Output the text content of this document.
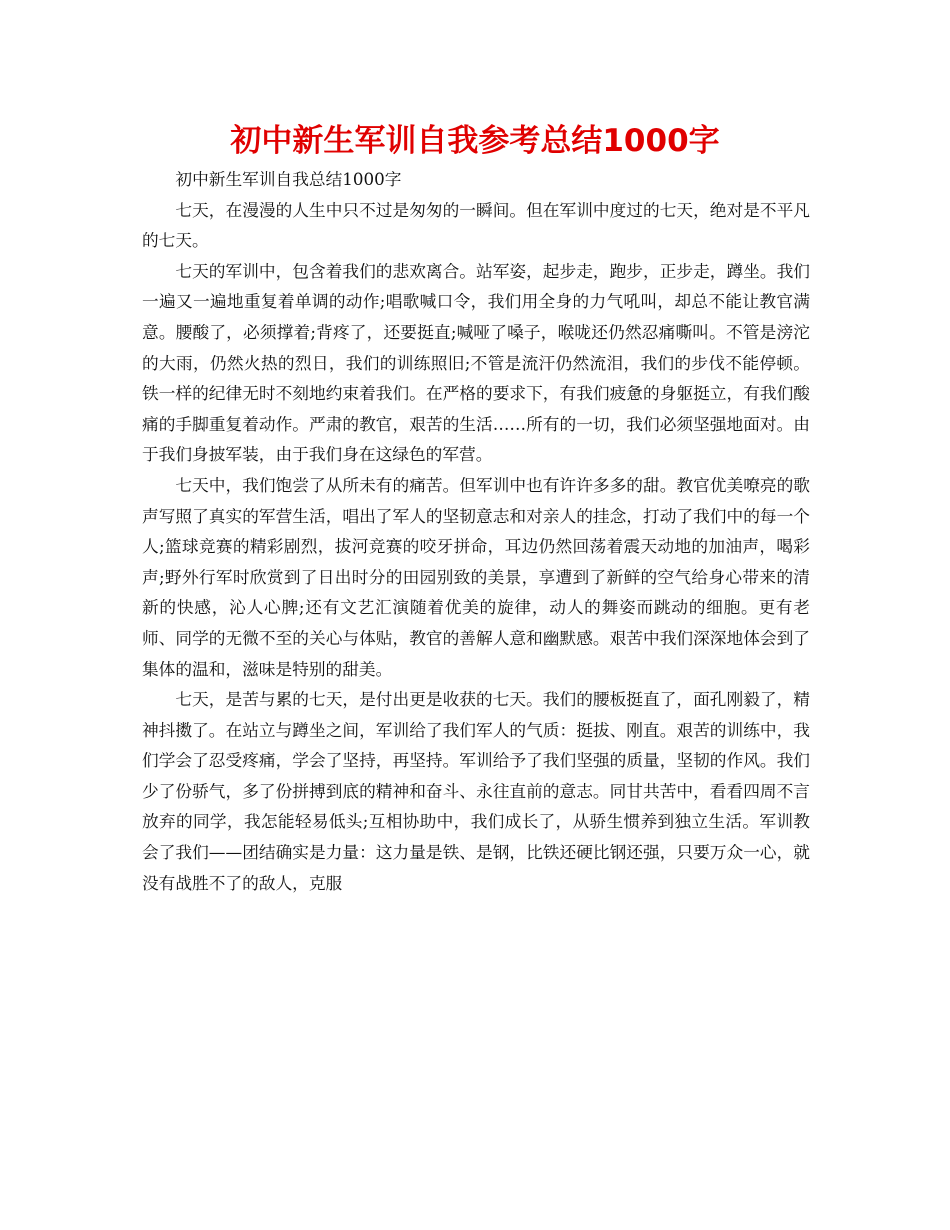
初中新生军训自我参考总结1000字

初中新生军训自我总结1000字

七天，在漫漫的人生中只不过是匆匆的一瞬间。但在军训中度过的七天，绝对是不平凡的七天。

七天的军训中，包含着我们的悲欢离合。站军姿，起步走，跑步，正步走，蹲坐。我们一遍又一遍地重复着单调的动作;唱歌喊口令，我们用全身的力气吼叫，却总不能让教官满意。腰酸了，必须撑着;背疼了，还要挺直;喊哑了嗓子，喉咙还仍然忍痛嘶叫。不管是滂沱的大雨，仍然火热的烈日，我们的训练照旧;不管是流汗仍然流泪，我们的步伐不能停顿。铁一样的纪律无时不刻地约束着我们。在严格的要求下，有我们疲惫的身躯挺立，有我们酸痛的手脚重复着动作。严肃的教官，艰苦的生活……所有的一切，我们必须坚强地面对。由于我们身披军装，由于我们身在这绿色的军营。

七天中，我们饱尝了从所未有的痛苦。但军训中也有许许多多的甜。教官优美嘹亮的歌声写照了真实的军营生活，唱出了军人的坚韧意志和对亲人的挂念，打动了我们中的每一个人;篮球竞赛的精彩剧烈，拔河竞赛的咬牙拼命，耳边仍然回荡着震天动地的加油声，喝彩声;野外行军时欣赏到了日出时分的田园别致的美景，享遭到了新鲜的空气给身心带来的清新的快感，沁人心脾;还有文艺汇演随着优美的旋律，动人的舞姿而跳动的细胞。更有老师、同学的无微不至的关心与体贴，教官的善解人意和幽默感。艰苦中我们深深地体会到了集体的温和，滋味是特别的甜美。

七天，是苦与累的七天，是付出更是收获的七天。我们的腰板挺直了，面孔刚毅了，精神抖擞了。在站立与蹲坐之间，军训给了我们军人的气质：挺拔、刚直。艰苦的训练中，我们学会了忍受疼痛，学会了坚持，再坚持。军训给予了我们坚强的质量，坚韧的作风。我们少了份骄气，多了份拼搏到底的精神和奋斗、永往直前的意志。同甘共苦中，看看四周不言放弃的同学，我怎能轻易低头;互相协助中，我们成长了，从骄生惯养到独立生活。军训教会了我们——团结确实是力量：这力量是铁、是钢，比铁还硬比钢还强，只要万众一心，就没有战胜不了的敌人，克服
